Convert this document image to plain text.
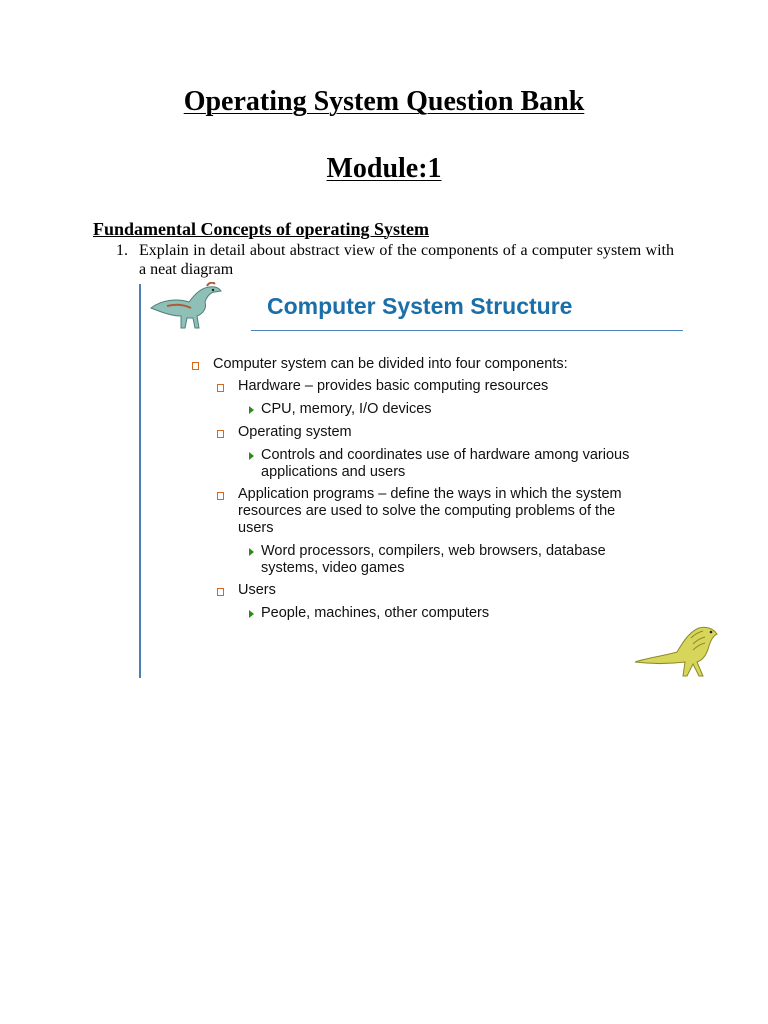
Operating System Question Bank
Module:1
Fundamental Concepts of operating System
1. Explain in detail about abstract view of the components of a computer system with a neat diagram
Computer System Structure
Computer system can be divided into four components:
Hardware – provides basic computing resources
CPU, memory, I/O devices
Operating system
Controls and coordinates use of hardware among various applications and users
Application programs – define the ways in which the system resources are used to solve the computing problems of the users
Word processors, compilers, web browsers, database systems, video games
Users
People, machines, other computers
